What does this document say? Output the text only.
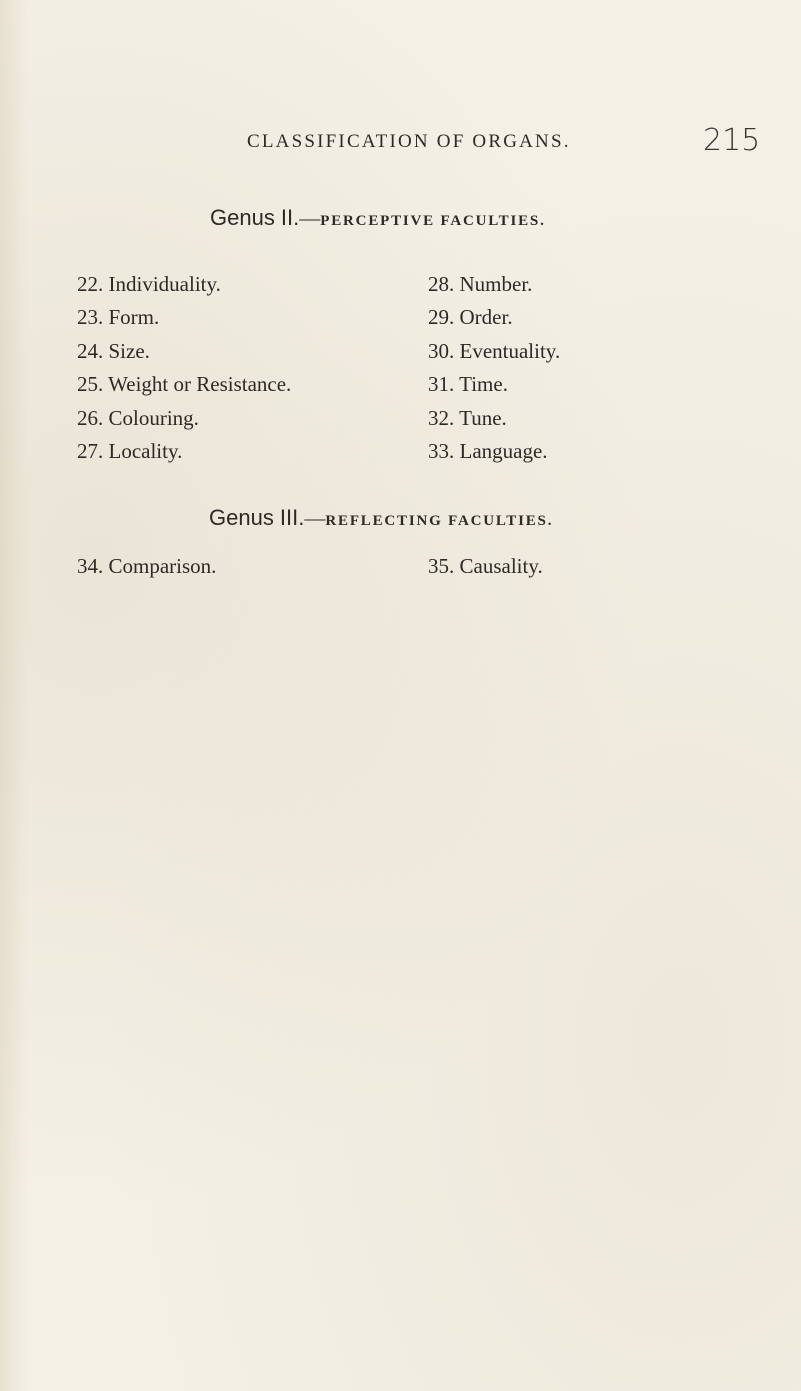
CLASSIFICATION OF ORGANS.	215
Genus II.—PERCEPTIVE FACULTIES.
22. Individuality.
23. Form.
24. Size.
25. Weight or Resistance.
26. Colouring.
27. Locality.
28. Number.
29. Order.
30. Eventuality.
31. Time.
32. Tune.
33. Language.
Genus III.—REFLECTING FACULTIES.
34. Comparison.	35. Causality.
